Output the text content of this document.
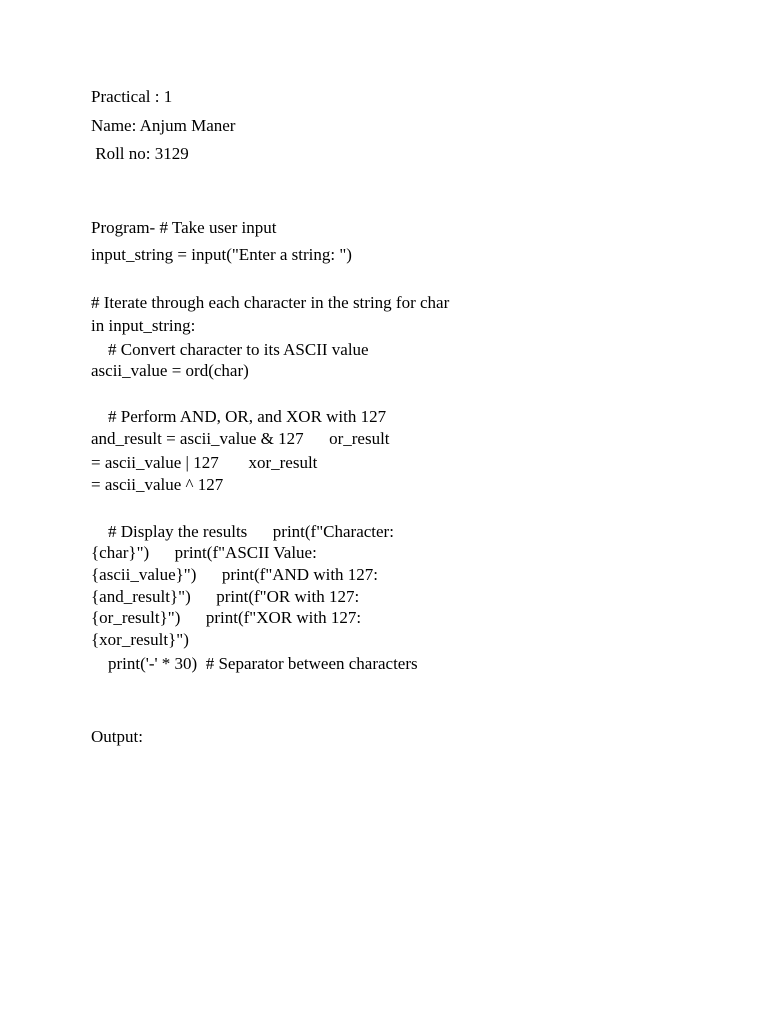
Practical : 1
Name: Anjum Maner
Roll no: 3129
Program- # Take user input
input_string = input("Enter a string: ")
# Iterate through each character in the string for char
in input_string:
# Convert character to its ASCII value
ascii_value = ord(char)
# Perform AND, OR, and XOR with 127
and_result = ascii_value & 127      or_result
= ascii_value | 127       xor_result
= ascii_value ^ 127
# Display the results      print(f"Character:
{char}")      print(f"ASCII Value:
{ascii_value}")      print(f"AND with 127:
{and_result}")      print(f"OR with 127:
{or_result}")      print(f"XOR with 127:
{xor_result}")
print('-' * 30)  # Separator between characters
Output:
